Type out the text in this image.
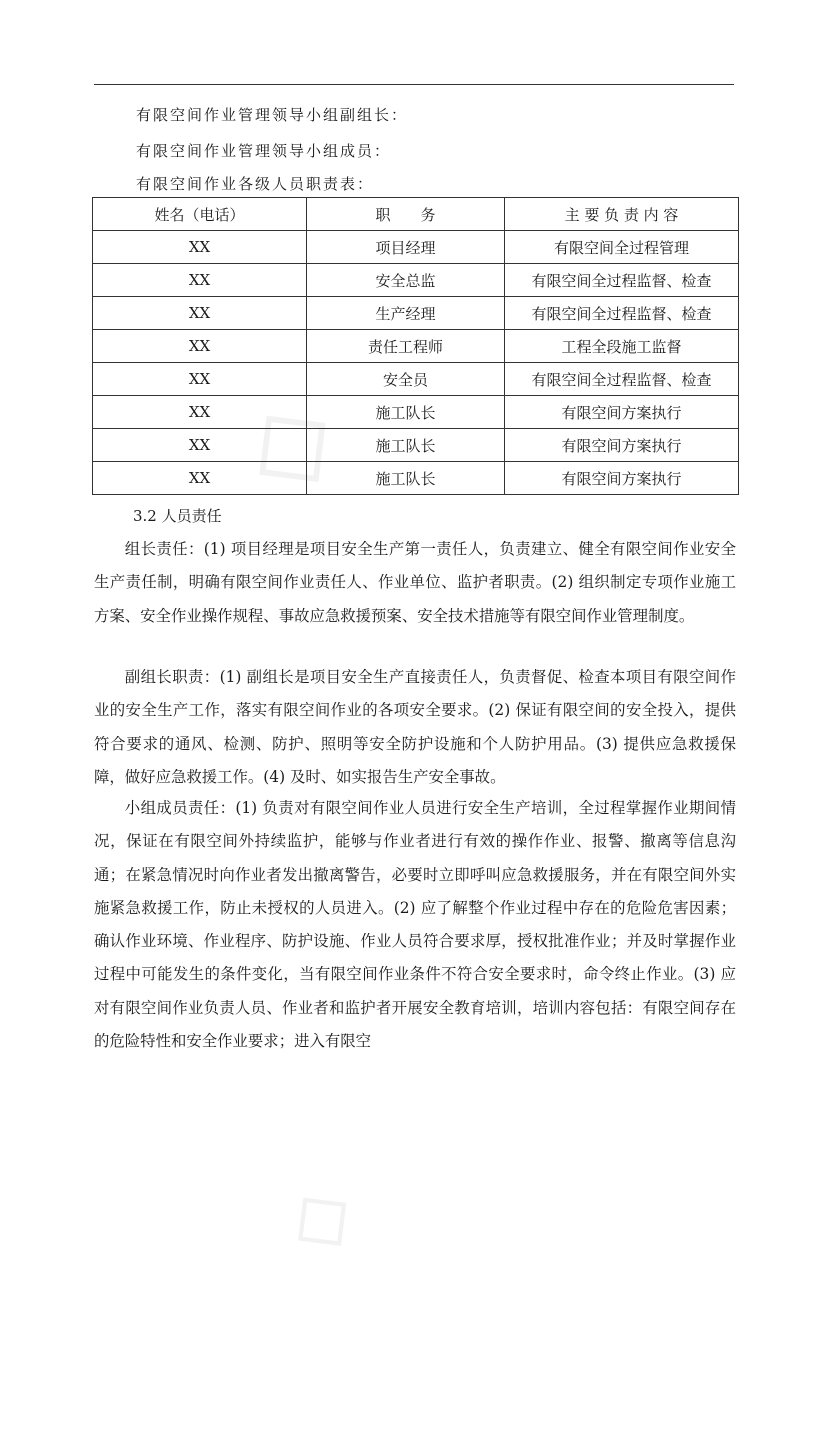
◇
◇
有限空间作业管理领导小组副组长：
有限空间作业管理领导小组成员：
有限空间作业各级人员职责表：
姓名（电话）	职　　务	主 要 负 责 内 容
XX	项目经理	有限空间全过程管理
XX	安全总监	有限空间全过程监督、检查
XX	生产经理	有限空间全过程监督、检查
XX	责任工程师	工程全段施工监督
XX	安全员	有限空间全过程监督、检查
XX	施工队长	有限空间方案执行
XX	施工队长	有限空间方案执行
XX	施工队长	有限空间方案执行
3.2 人员责任

组长责任：(1) 项目经理是项目安全生产第一责任人，负责建立、健全有限空间作业安全生产责任制，明确有限空间作业责任人、作业单位、监护者职责。(2) 组织制定专项作业施工方案、安全作业操作规程、事故应急救援预案、安全技术措施等有限空间作业管理制度。

副组长职责：(1) 副组长是项目安全生产直接责任人，负责督促、检查本项目有限空间作业的安全生产工作，落实有限空间作业的各项安全要求。(2) 保证有限空间的安全投入，提供符合要求的通风、检测、防护、照明等安全防护设施和个人防护用品。(3) 提供应急救援保障，做好应急救援工作。(4) 及时、如实报告生产安全事故。

小组成员责任：(1) 负责对有限空间作业人员进行安全生产培训，全过程掌握作业期间情况，保证在有限空间外持续监护，能够与作业者进行有效的操作作业、报警、撤离等信息沟通；在紧急情况时向作业者发出撤离警告，必要时立即呼叫应急救援服务，并在有限空间外实施紧急救援工作，防止未授权的人员进入。(2) 应了解整个作业过程中存在的危险危害因素；确认作业环境、作业程序、防护设施、作业人员符合要求厚，授权批准作业；并及时掌握作业过程中可能发生的条件变化，当有限空间作业条件不符合安全要求时，命令终止作业。(3) 应对有限空间作业负责人员、作业者和监护者开展安全教育培训，培训内容包括：有限空间存在的危险特性和安全作业要求；进入有限空
